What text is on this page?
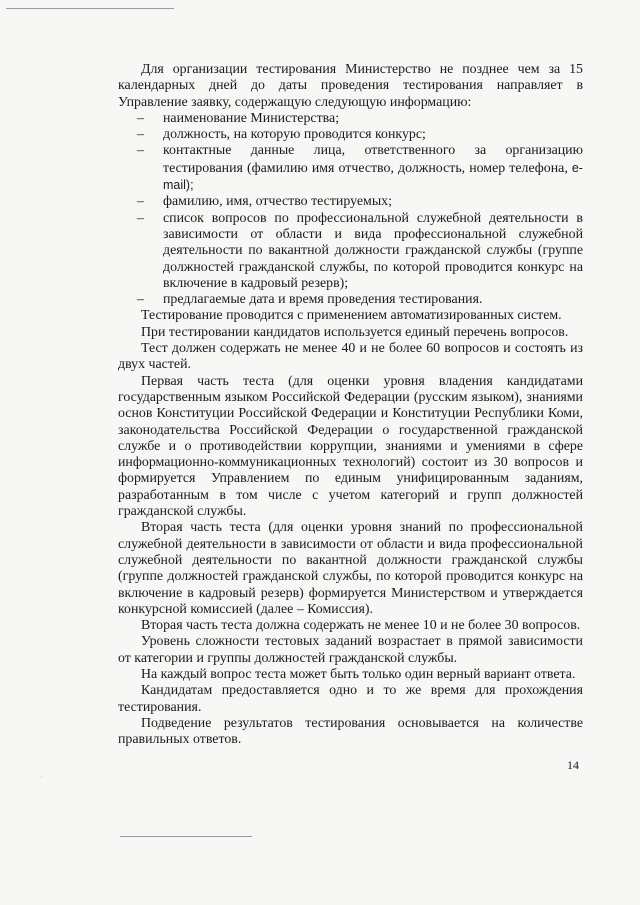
·

Для организации тестирования Министерство не позднее чем за 15 календарных дней до даты проведения тестирования направляет в Управление заявку, содержащую следующую информацию:

–	наименование Министерства;
–	должность, на которую проводится конкурс;
–	контактные данные лица, ответственного за организацию тестирования (фамилию имя отчество, должность, номер телефона, e-mail);
–	фамилию, имя, отчество тестируемых;
–	список вопросов по профессиональной служебной деятельности в зависимости от области и вида профессиональной служебной деятельности по вакантной должности гражданской службы (группе должностей гражданской службы, по которой проводится конкурс на включение в кадровый резерв);
–	предлагаемые дата и время проведения тестирования.

Тестирование проводится с применением автоматизированных систем.

При тестировании кандидатов используется единый перечень вопросов.

Тест должен содержать не менее 40 и не более 60 вопросов и состоять из двух частей.

Первая часть теста (для оценки уровня владения кандидатами государственным языком Российской Федерации (русским языком), знаниями основ Конституции Российской Федерации и Конституции Республики Коми, законодательства Российской Федерации о государственной гражданской службе и о противодействии коррупции, знаниями и умениями в сфере информационно-коммуникационных технологий) состоит из 30 вопросов и формируется Управлением по единым унифицированным заданиям, разработанным в том числе с учетом категорий и групп должностей гражданской службы.

Вторая часть теста (для оценки уровня знаний по профессиональной служебной деятельности в зависимости от области и вида профессиональной служебной деятельности по вакантной должности гражданской службы (группе должностей гражданской службы, по которой проводится конкурс на включение в кадровый резерв) формируется Министерством и утверждается конкурсной комиссией (далее – Комиссия).

Вторая часть теста должна содержать не менее 10 и не более 30 вопросов.

Уровень сложности тестовых заданий возрастает в прямой зависимости от категории и группы должностей гражданской службы.

На каждый вопрос теста может быть только один верный вариант ответа.

Кандидатам предоставляется одно и то же время для прохождения тестирования.

Подведение результатов тестирования основывается на количестве правильных ответов.

14
